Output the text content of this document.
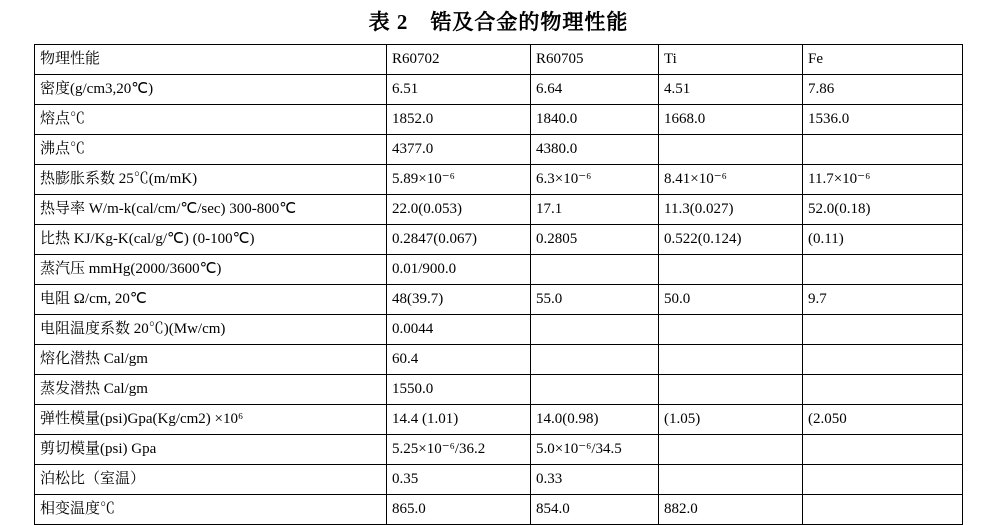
表 2 锆及合金的物理性能
物理性能	R60702	R60705	Ti	Fe
密度(g/cm3,20℃)	6.51	6.64	4.51	7.86
熔点℃	1852.0	1840.0	1668.0	1536.0
沸点℃	4377.0	4380.0		
热膨胀系数 25℃(m/mK)	5.89×10⁻⁶	6.3×10⁻⁶	8.41×10⁻⁶	11.7×10⁻⁶
热导率 W/m-k(cal/cm/℃/sec) 300-800℃	22.0(0.053)	17.1	11.3(0.027)	52.0(0.18)
比热 KJ/Kg-K(cal/g/℃) (0-100℃)	0.2847(0.067)	0.2805	0.522(0.124)	(0.11)
蒸汽压 mmHg(2000/3600℃)	0.01/900.0			
电阻 Ω/cm, 20℃	48(39.7)	55.0	50.0	9.7
电阻温度系数 20℃)(Mw/cm)	0.0044			
熔化潜热 Cal/gm	60.4			
蒸发潜热 Cal/gm	1550.0			
弹性模量(psi)Gpa(Kg/cm2) ×10⁶	14.4 (1.01)	14.0(0.98)	(1.05)	(2.050
剪切模量(psi) Gpa	5.25×10⁻⁶/36.2	5.0×10⁻⁶/34.5		
泊松比（室温）	0.35	0.33		
相变温度℃	865.0	854.0	882.0	
